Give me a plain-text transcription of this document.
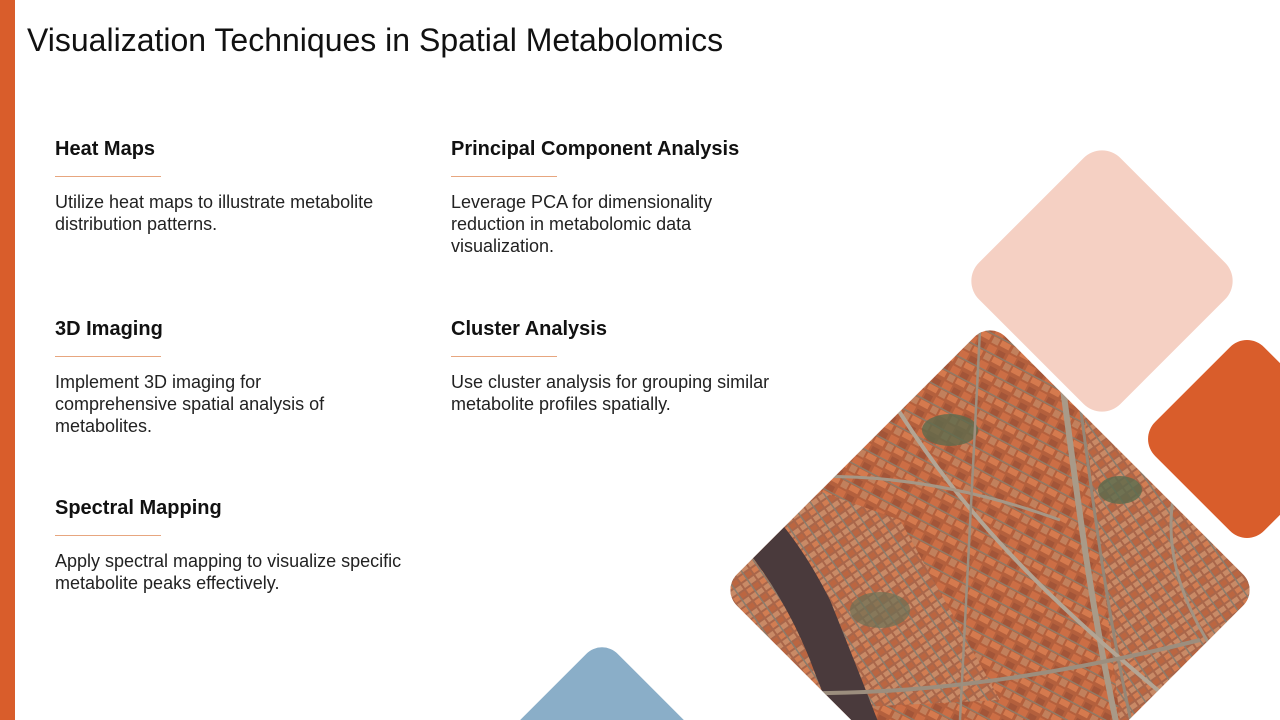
Visualization Techniques in Spatial Metabolomics
Heat Maps

Utilize heat maps to illustrate metabolite distribution patterns.

Principal Component Analysis

Leverage PCA for dimensionality reduction in metabolomic data visualization.

3D Imaging

Implement 3D imaging for comprehensive spatial analysis of metabolites.

Cluster Analysis

Use cluster analysis for grouping similar metabolite profiles spatially.

Spectral Mapping

Apply spectral mapping to visualize specific metabolite peaks effectively.
